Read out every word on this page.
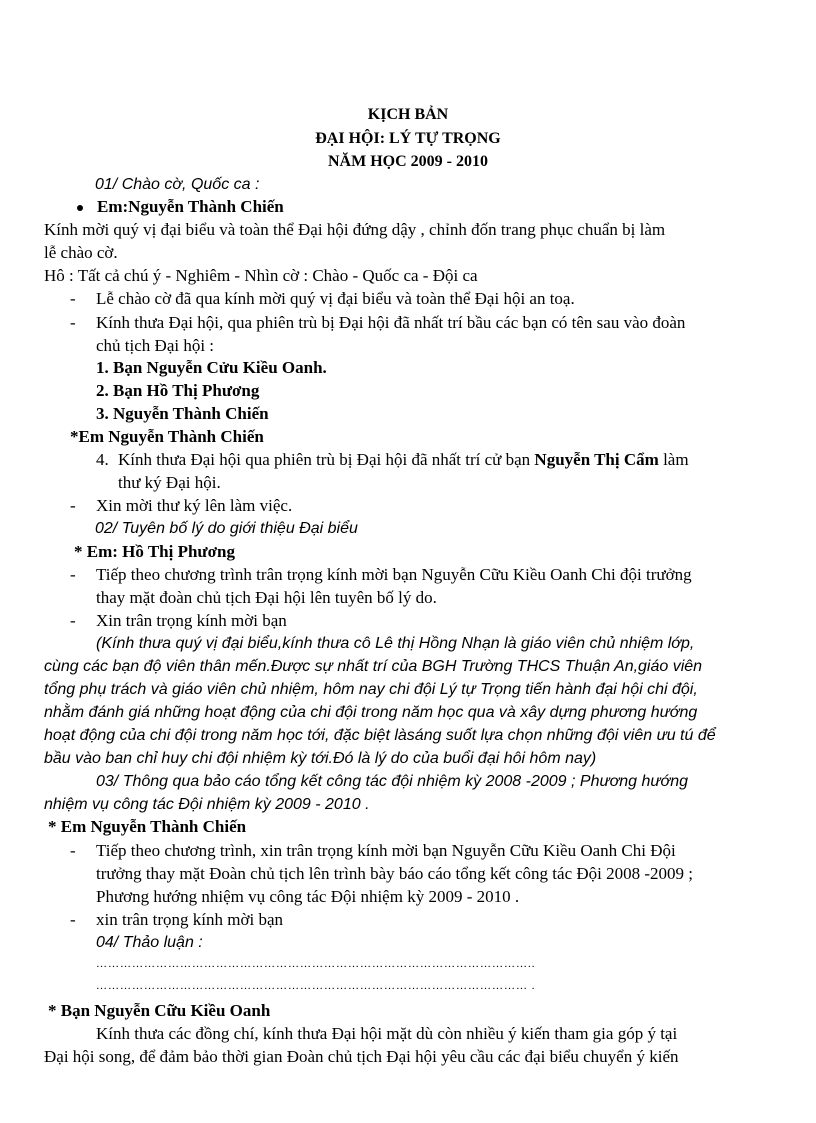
KỊCH BẢN
ĐẠI HỘI: LÝ TỰ TRỌNG
NĂM HỌC 2009 - 2010
01/ Chào cờ, Quốc ca :
Em:Nguyễn Thành Chiến
Kính mời quý vị đại biểu và toàn thể Đại hội đứng dậy , chỉnh đốn trang phục chuẩn bị làm
lễ chào cờ.
Hô : Tất cả chú ý - Nghiêm - Nhìn cờ : Chào - Quốc ca - Đội ca
- Lễ chào cờ đã qua kính mời quý vị đại biểu và toàn thể Đại hội an toạ.
- Kính thưa Đại hội, qua phiên trù bị Đại hội đã nhất trí bầu các bạn có tên sau vào đoàn
chủ tịch Đại hội :
1. Bạn Nguyễn Cửu Kiều Oanh.
2. Bạn Hồ Thị Phương
3. Nguyễn Thành Chiến
*Em Nguyễn Thành Chiến
4. Kính thưa Đại hội qua phiên trù bị Đại hội đã nhất trí cử bạn Nguyễn Thị Cẩm làm
thư ký Đại hội.
- Xin mời thư ký lên làm việc.
02/ Tuyên bố lý do giới thiệu Đại biểu
* Em: Hồ Thị Phương
- Tiếp theo chương trình trân trọng kính mời bạn Nguyễn Cữu Kiều Oanh Chi đội trưởng
thay mặt đoàn chủ tịch Đại hội lên tuyên bố lý do.
- Xin trân trọng kính mời bạn
(Kính thưa quý vị đại biểu,kính thưa cô Lê thị Hồng Nhạn là giáo viên chủ nhiệm lớp,
cùng các bạn độ viên thân mến.Được sự nhất trí của BGH Trường THCS Thuận An,giáo viên
tổng phụ trách và giáo viên chủ nhiệm, hôm nay chi đội Lý tự Trọng tiến hành đại hội chi đội,
nhằm đánh giá những hoạt động của chi đội trong năm học qua và xây dựng phương hướng
hoạt động của chi đội trong năm học tới, đặc biệt làsáng suốt lựa chọn những đội viên ưu tú để
bầu vào ban chỉ huy chi đội nhiệm kỳ tới.Đó là lý do của buổi đại hôi hôm nay)
03/ Thông qua bảo cáo tổng kết công tác đội nhiệm kỳ 2008 -2009 ; Phương hướng
nhiệm vụ công tác Đội nhiệm kỳ 2009 - 2010 .
* Em Nguyễn Thành Chiến
- Tiếp theo chương trình, xin trân trọng kính mời bạn Nguyễn Cữu Kiều Oanh Chi Đội
trưởng thay mặt Đoàn chủ tịch lên trình bày báo cáo tổng kết công tác Đội 2008 -2009 ;
Phương hướng nhiệm vụ công tác Đội nhiệm kỳ 2009 - 2010 .
- xin trân trọng kính mời bạn
04/ Thảo luận :
………………………………………………………………………………………………..
……………………………………………………………………………………………… .
* Bạn Nguyễn Cữu Kiều Oanh
Kính thưa các đồng chí, kính thưa Đại hội mặt dù còn nhiều ý kiến tham gia góp ý tại
Đại hội song, để đảm bảo thời gian Đoàn chủ tịch Đại hội yêu cầu các đại biểu chuyển ý kiến
